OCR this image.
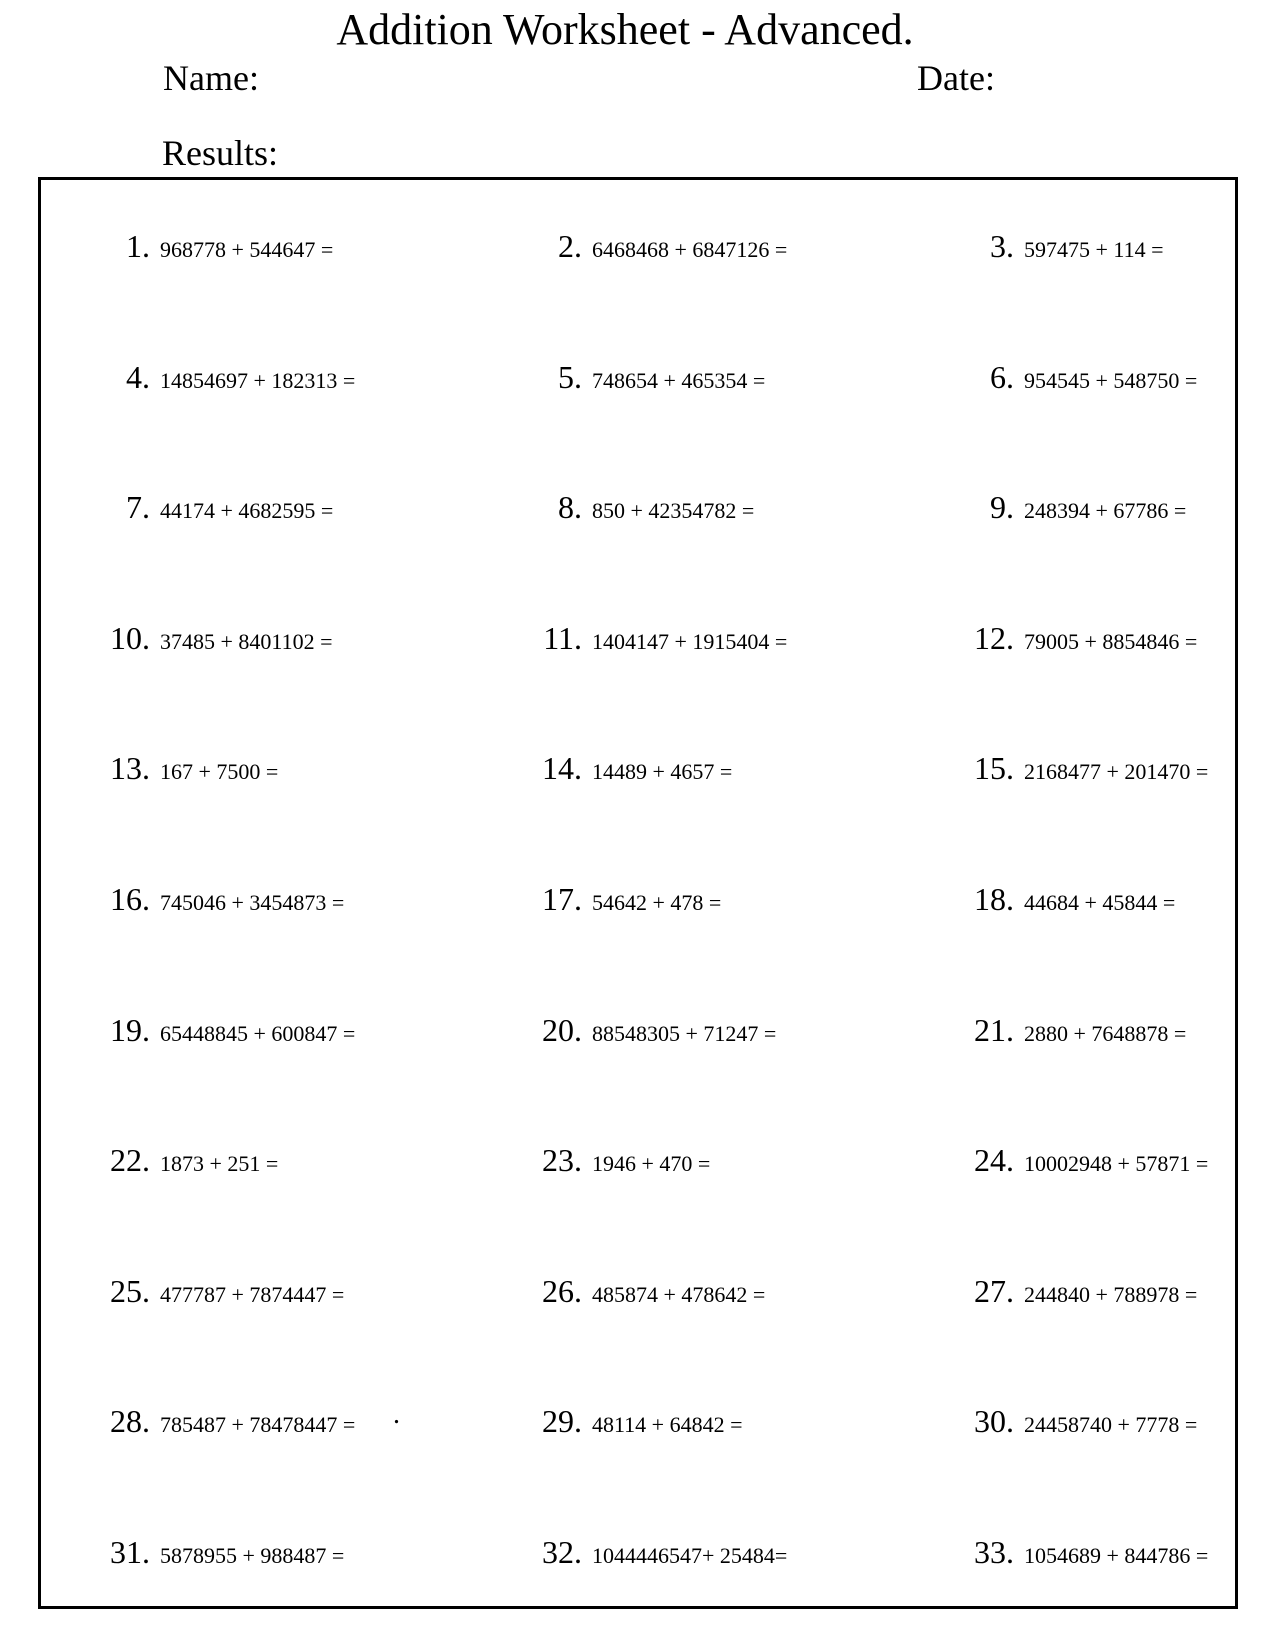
Addition Worksheet - Advanced.
Name:	Date:
Results:
1. 968778 + 544647 =	2. 6468468 + 6847126 =	3. 597475 + 114 =
4. 14854697 + 182313 =	5. 748654 + 465354 =	6. 954545 + 548750 =
7. 44174 + 4682595 =	8. 850 + 42354782 =	9. 248394 + 67786 =
10. 37485 + 8401102 =	11. 1404147 + 1915404 =	12. 79005 + 8854846 =
13. 167 + 7500 =	14. 14489 + 4657 =	15. 2168477 + 201470 =
16. 745046 + 3454873 =	17. 54642 + 478 =	18. 44684 + 45844 =
19. 65448845 + 600847 =	20. 88548305 + 71247 =	21. 2880 + 7648878 =
22. 1873 + 251 =	23. 1946 + 470 =	24. 10002948 + 57871 =
25. 477787 + 7874447 =	26. 485874 + 478642 =	27. 244840 + 788978 =
28. 785487 + 78478447 =	29. 48114 + 64842 =	30. 24458740 + 7778 =
31. 5878955 + 988487 =	32. 1044446547+ 25484=	33. 1054689 + 844786 =
.
